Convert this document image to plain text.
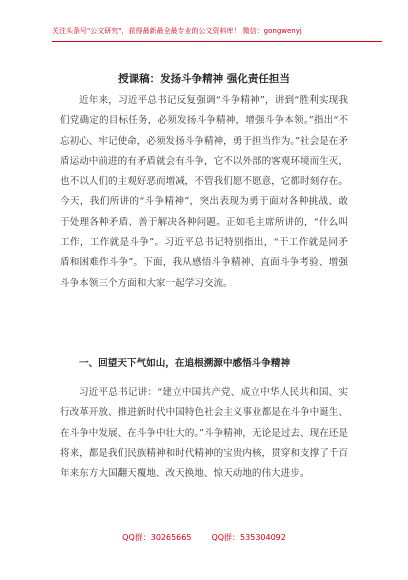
关注头条号"公文研究"，获得最新最全最专业的公文资料库！ 微信：gongwenyj
授课稿：发扬斗争精神 强化责任担当

近年来，习近平总书记反复强调“斗争精神”，讲到“胜利实现我们党确定的目标任务，必须发扬斗争精神，增强斗争本领。”指出“不忘初心、牢记使命，必须发扬斗争精神，勇于担当作为。”社会是在矛盾运动中前进的有矛盾就会有斗争，它不以外部的客观环境而生灭，也不以人们的主观好恶而增减，不管我们愿不愿意，它都时刻存在。今天，我们所讲的“斗争精神”，突出表现为勇于面对各种挑战、敢于处理各种矛盾、善于解决各种问题。正如毛主席所讲的，“什么叫工作，工作就是斗争”。习近平总书记特别指出，“干工作就是同矛盾和困难作斗争”。下面，我从感悟斗争精神、直面斗争考验、增强斗争本领三个方面和大家一起学习交流。

一、回望天下气如山，在追根溯源中感悟斗争精神

习近平总书记讲：“建立中国共产党、成立中华人民共和国、实行改革开放、推进新时代中国特色社会主义事业都是在斗争中诞生、在斗争中发展、在斗争中壮大的。”斗争精神，无论是过去、现在还是将来，都是我们民族精神和时代精神的宝贵内核，贯穿和支撑了千百年来东方大国翻天覆地、改天换地、惊天动地的伟大进步。

QQ群：30265665	QQ群：535304092
